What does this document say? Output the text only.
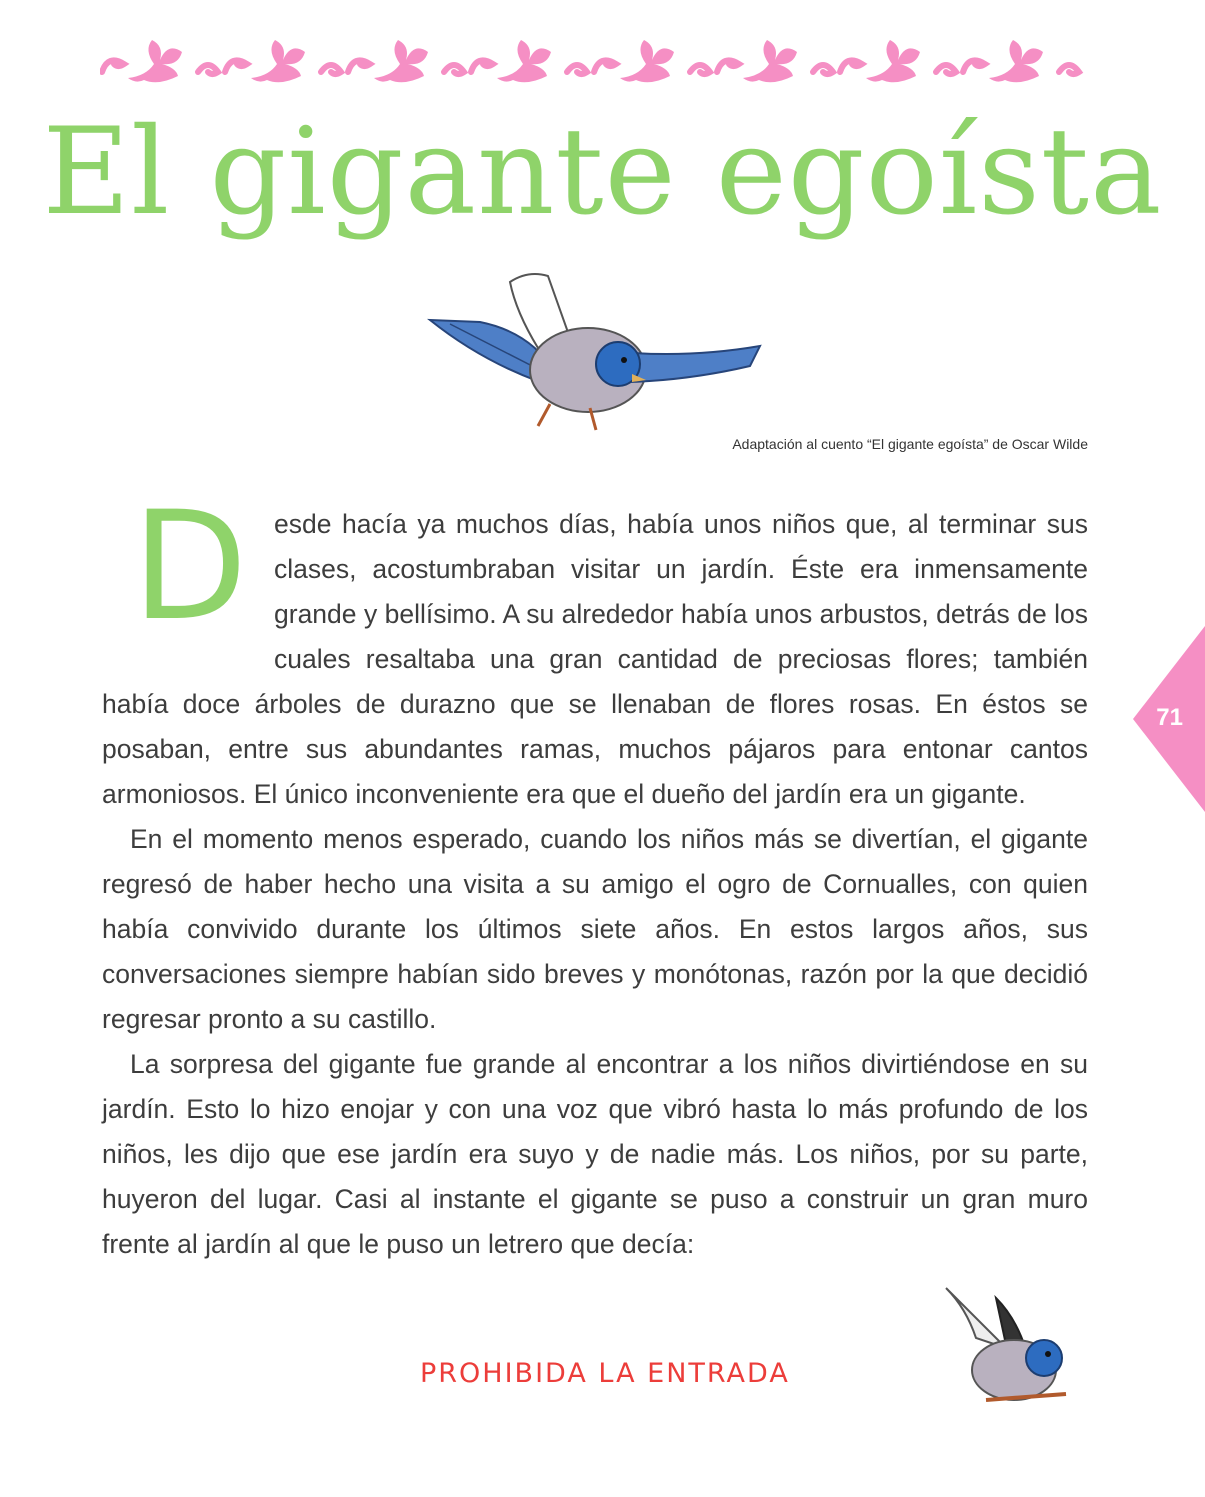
El gigante egoísta
Adaptación al cuento “El gigante egoísta” de Oscar Wilde

D esde hacía ya muchos días, había unos niños que, al terminar sus clases, acostumbraban visitar un jardín. Éste era inmensamente grande y bellísimo. A su alrededor había unos arbustos, detrás de los cuales resaltaba una gran cantidad de preciosas flores; también había doce árboles de durazno que se llenaban de flores rosas. En éstos se posaban, entre sus abundantes ramas, muchos pájaros para entonar cantos armoniosos. El único inconveniente era que el dueño del jardín era un gigante.

En el momento menos esperado, cuando los niños más se divertían, el gigante regresó de haber hecho una visita a su amigo el ogro de Cornualles, con quien había convivido durante los últimos siete años. En estos largos años, sus conversaciones siempre habían sido breves y monótonas, razón por la que decidió regresar pronto a su castillo.

La sorpresa del gigante fue grande al encontrar a los niños divirtiéndose en su jardín. Esto lo hizo enojar y con una voz que vibró hasta lo más profundo de los niños, les dijo que ese jardín era suyo y de nadie más. Los niños, por su parte, huyeron del lugar. Casi al instante el gigante se puso a construir un gran muro frente al jardín al que le puso un letrero que decía:

PROHIBIDA LA ENTRADA
71
